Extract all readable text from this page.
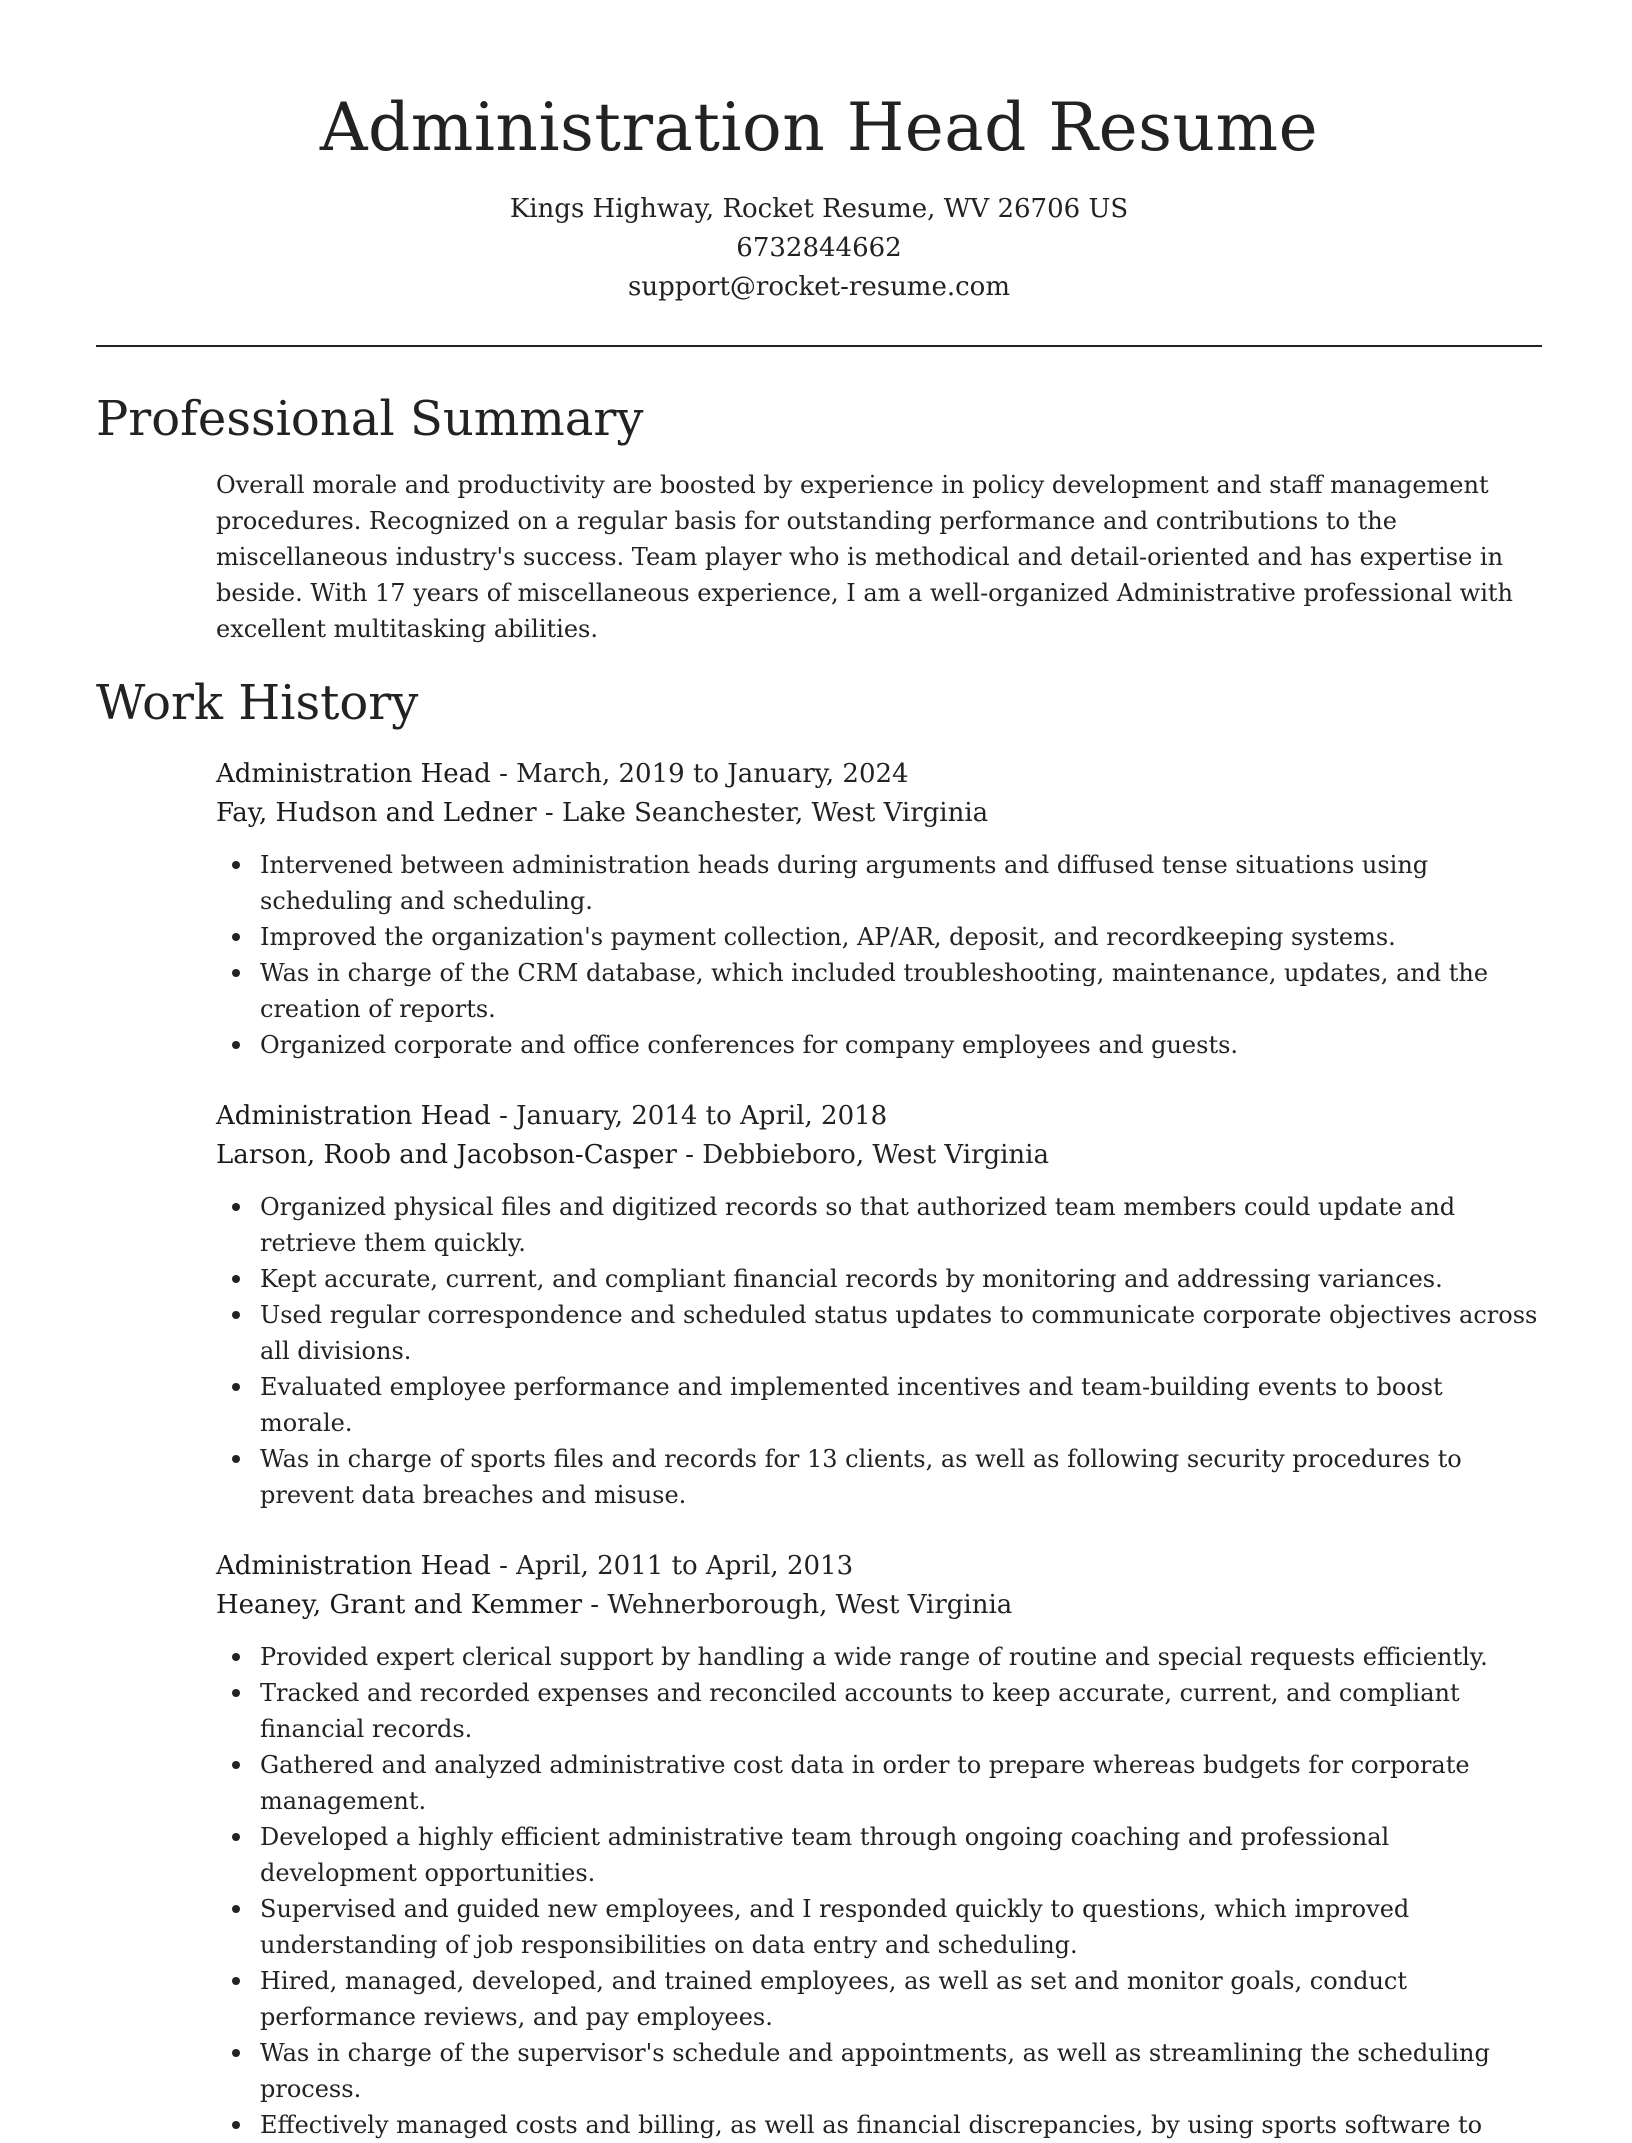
Administration Head Resume
Kings Highway, Rocket Resume, WV 26706 US
6732844662
support@rocket-resume.com
Professional Summary

Overall morale and productivity are boosted by experience in policy development and staff management procedures. Recognized on a regular basis for outstanding performance and contributions to the miscellaneous industry's success. Team player who is methodical and detail-oriented and has expertise in beside. With 17 years of miscellaneous experience, I am a well-organized Administrative professional with excellent multitasking abilities.

Work History
Administration Head - March, 2019 to January, 2024
Fay, Hudson and Ledner - Lake Seanchester, West Virginia
Intervened between administration heads during arguments and diffused tense situations using scheduling and scheduling.
Improved the organization's payment collection, AP/AR, deposit, and recordkeeping systems.
Was in charge of the CRM database, which included troubleshooting, maintenance, updates, and the creation of reports.
Organized corporate and office conferences for company employees and guests.
Administration Head - January, 2014 to April, 2018
Larson, Roob and Jacobson-Casper - Debbieboro, West Virginia
Organized physical files and digitized records so that authorized team members could update and retrieve them quickly.
Kept accurate, current, and compliant financial records by monitoring and addressing variances.
Used regular correspondence and scheduled status updates to communicate corporate objectives across all divisions.
Evaluated employee performance and implemented incentives and team-building events to boost morale.
Was in charge of sports files and records for 13 clients, as well as following security procedures to prevent data breaches and misuse.
Administration Head - April, 2011 to April, 2013
Heaney, Grant and Kemmer - Wehnerborough, West Virginia
Provided expert clerical support by handling a wide range of routine and special requests efficiently.
Tracked and recorded expenses and reconciled accounts to keep accurate, current, and compliant financial records.
Gathered and analyzed administrative cost data in order to prepare whereas budgets for corporate management.
Developed a highly efficient administrative team through ongoing coaching and professional development opportunities.
Supervised and guided new employees, and I responded quickly to questions, which improved understanding of job responsibilities on data entry and scheduling.
Hired, managed, developed, and trained employees, as well as set and monitor goals, conduct performance reviews, and pay employees.
Was in charge of the supervisor's schedule and appointments, as well as streamlining the scheduling process.
Effectively managed costs and billing, as well as financial discrepancies, by using sports software to
